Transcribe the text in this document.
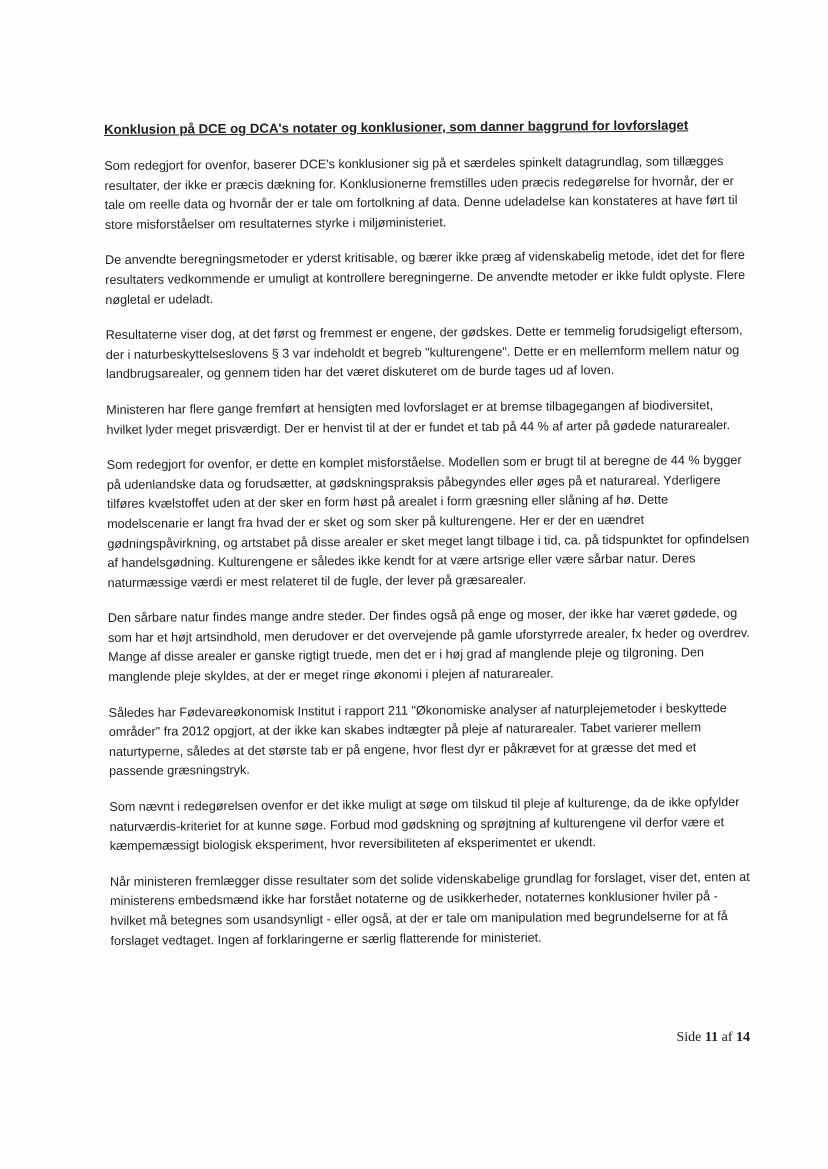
Konklusion på DCE og DCA's notater og konklusioner, som danner baggrund for lovforslaget

Som redegjort for ovenfor, baserer DCE's konklusioner sig på et særdeles spinkelt datagrundlag, som tillægges resultater, der ikke er præcis dækning for. Konklusionerne fremstilles uden præcis redegørelse for hvornår, der er tale om reelle data og hvornår der er tale om fortolkning af data. Denne udeladelse kan konstateres at have ført til store misforståelser om resultaternes styrke i miljøministeriet.

De anvendte beregningsmetoder er yderst kritisable, og bærer ikke præg af videnskabelig metode, idet det for flere resultaters vedkommende er umuligt at kontrollere beregningerne. De anvendte metoder er ikke fuldt oplyste. Flere nøgletal er udeladt.

Resultaterne viser dog, at det først og fremmest er engene, der gødskes. Dette er temmelig forudsigeligt eftersom, der i naturbeskyttelseslovens § 3 var indeholdt et begreb "kulturengene". Dette er en mellemform mellem natur og landbrugsarealer, og gennem tiden har det været diskuteret om de burde tages ud af loven.

Ministeren har flere gange fremført at hensigten med lovforslaget er at bremse tilbagegangen af biodiversitet, hvilket lyder meget prisværdigt. Der er henvist til at der er fundet et tab på 44 % af arter på gødede naturarealer.

Som redegjort for ovenfor, er dette en komplet misforståelse. Modellen som er brugt til at beregne de 44 % bygger på udenlandske data og forudsætter, at gødskningspraksis påbegyndes eller øges på et naturareal. Yderligere tilføres kvælstoffet uden at der sker en form høst på arealet i form græsning eller slåning af hø. Dette modelscenarie er langt fra hvad der er sket og som sker på kulturengene. Her er der en uændret gødningspåvirkning, og artstabet på disse arealer er sket meget langt tilbage i tid, ca. på tidspunktet for opfindelsen af handelsgødning. Kulturengene er således ikke kendt for at være artsrige eller være sårbar natur. Deres naturmæssige værdi er mest relateret til de fugle, der lever på græsarealer.

Den sårbare natur findes mange andre steder. Der findes også på enge og moser, der ikke har været gødede, og som har et højt artsindhold, men derudover er det overvejende på gamle uforstyrrede arealer, fx heder og overdrev. Mange af disse arealer er ganske rigtigt truede, men det er i høj grad af manglende pleje og tilgroning. Den manglende pleje skyldes, at der er meget ringe økonomi i plejen af naturarealer.

Således har Fødevareøkonomisk Institut i rapport 211 "Økonomiske analyser af naturplejemetoder i beskyttede områder" fra 2012 opgjort, at der ikke kan skabes indtægter på pleje af naturarealer. Tabet varierer mellem naturtyperne, således at det største tab er på engene, hvor flest dyr er påkrævet for at græsse det med et passende græsningstryk.

Som nævnt i redegørelsen ovenfor er det ikke muligt at søge om tilskud til pleje af kulturenge, da de ikke opfylder naturværdis-kriteriet for at kunne søge. Forbud mod gødskning og sprøjtning af kulturengene vil derfor være et kæmpemæssigt biologisk eksperiment, hvor reversibiliteten af eksperimentet er ukendt.

Når ministeren fremlægger disse resultater som det solide videnskabelige grundlag for forslaget, viser det, enten at ministerens embedsmænd ikke har forstået notaterne og de usikkerheder, notaternes konklusioner hviler på - hvilket må betegnes som usandsynligt - eller også, at der er tale om manipulation med begrundelserne for at få forslaget vedtaget. Ingen af forklaringerne er særlig flatterende for ministeriet.

Side 11 af 14
